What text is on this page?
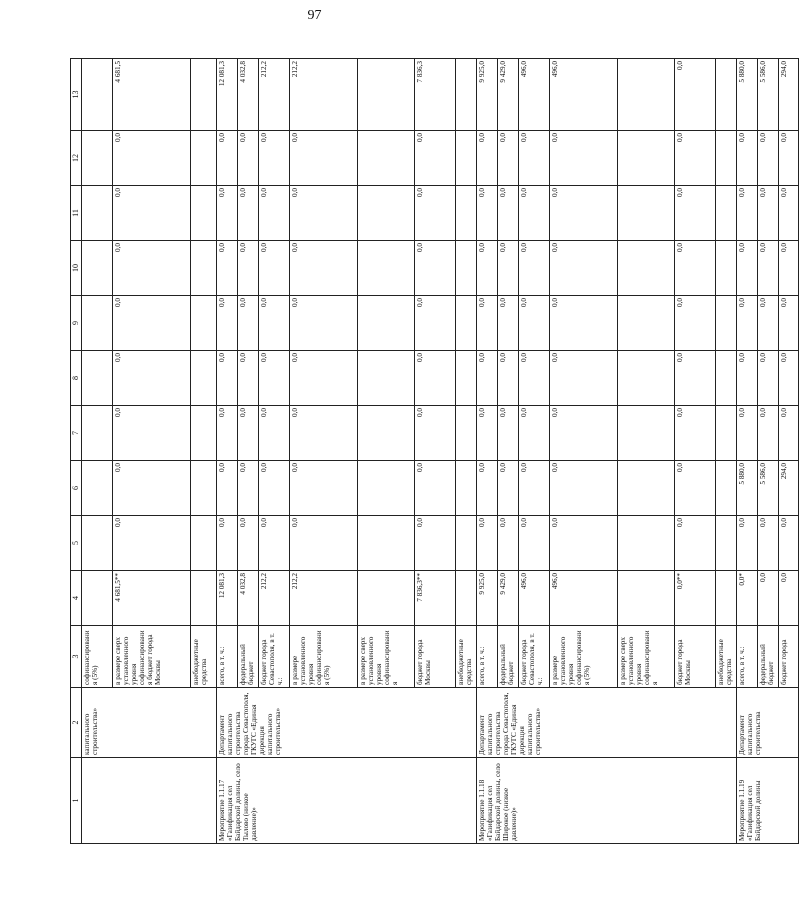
97
1	2	3	4	5	6	7	8	9	10	11	12	13
	капитального строительства»	софинансирования (5%)										
		в размере сверх установленного уровня софинансирования бюджет города Москвы	4 681,5**	0,0	0,0	0,0	0,0	0,0	0,0	0,0	0,0	4 681,5
		внебюджетные средства										
Мероприятие 1.1.17 «Газификация сел Байдарской долины, село Тылово (низкое давление)»	Департамент капитального строительства города Севастополя, ГКУГС «Единая дирекция капитального строительства»	всего, в т. ч.:	12 081,3	0,0	0,0	0,0	0,0	0,0	0,0	0,0	0,0	12 081,3
		федеральный бюджет	4 032,8	0,0	0,0	0,0	0,0	0,0	0,0	0,0	0,0	4 032,8
		бюджет города Севастополя, в т. ч.:	212,2	0,0	0,0	0,0	0,0	0,0	0,0	0,0	0,0	212,2
		в размере установленного уровня софинансирования (5%)	212,2	0,0	0,0	0,0	0,0	0,0	0,0	0,0	0,0	212,2
		в размере сверх установленного уровня софинансирования										
		бюджет города Москвы	7 836,3**	0,0	0,0	0,0	0,0	0,0	0,0	0,0	0,0	7 836,3
		внебюджетные средства										
Мероприятие 1.1.18 «Газификация сел Байдарской долины, село Широкое (низкое давление)»	Департамент капитального строительства города Севастополя, ГКУГС «Единая дирекция капитального строительства»	всего, в т. ч.:	9 925,0	0,0	0,0	0,0	0,0	0,0	0,0	0,0	0,0	9 925,0
		федеральный бюджет	9 429,0	0,0	0,0	0,0	0,0	0,0	0,0	0,0	0,0	9 429,0
		бюджет города Севастополя, в т. ч.:	496,0	0,0	0,0	0,0	0,0	0,0	0,0	0,0	0,0	496,0
		в размере установленного уровня софинансирования (5%)	496,0	0,0	0,0	0,0	0,0	0,0	0,0	0,0	0,0	496,0
		в размере сверх установленного уровня софинансирования										
		бюджет города Москвы	0,0**	0,0	0,0	0,0	0,0	0,0	0,0	0,0	0,0	0,0
		внебюджетные средства										
Мероприятие 1.1.19 «Газификация сел Байдарской долины	Департамент капитального строительства	всего, в т. ч.:	0,0*	0,0	5 880,0	0,0	0,0	0,0	0,0	0,0	0,0	5 880,0
		федеральный бюджет	0,0	0,0	5 586,0	0,0	0,0	0,0	0,0	0,0	0,0	5 586,0
		бюджет города	0,0	0,0	294,0	0,0	0,0	0,0	0,0	0,0	0,0	294,0
